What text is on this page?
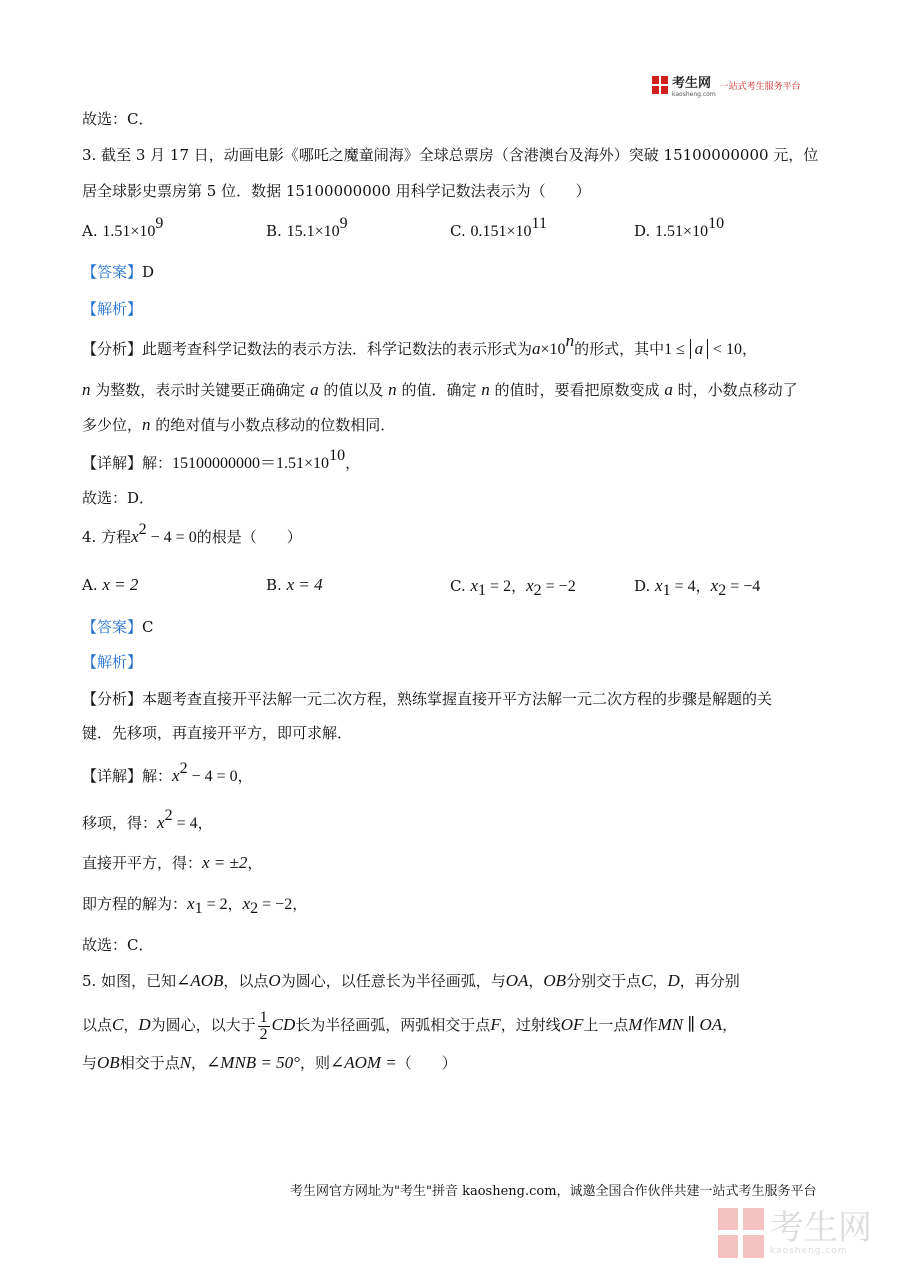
考生网
kaosheng.com
一站式考生服务平台
故选：C．
3. 截至 3 月 17 日，动画电影《哪吒之魔童闹海》全球总票房（含港澳台及海外）突破 15100000000 元，位
居全球影史票房第 5 位．数据 15100000000 用科学记数法表示为（　　）
A. $1.51\times 10^9$	B. $15.1\times 10^9$	C. $0.151\times 10^{11}$	D. $1.51\times 10^{10}$
【答案】D
【解析】
【分析】此题考查科学记数法的表示方法．科学记数法的表示形式为$a\times 10^n$的形式，其中1 ≤ a < 10，
n 为整数，表示时关键要正确确定 a 的值以及 n 的值．确定 n 的值时，要看把原数变成 a 时，小数点移动了
多少位，n 的绝对值与小数点移动的位数相同．
【详解】解：$15100000000=1.51\times 10^{10}$，
故选：D．
4. 方程$x^2 - 4 = 0$的根是（　　）
A. x = 2	B. x = 4	C. $x_1 = 2$，$x_2 = -2$	D. $x_1 = 4$，$x_2 = -4$
【答案】C
【解析】
【分析】本题考查直接开平法解一元二次方程，熟练掌握直接开平方法解一元二次方程的步骤是解题的关
键．先移项，再直接开平方，即可求解．
【详解】解：$x^2 - 4 = 0$，
移项，得：$x^2 = 4$，
直接开平方，得：x = ±2，
即方程的解为：$x_1 = 2$，$x_2 = -2$，
故选：C．
5. 如图，已知∠AOB，以点O为圆心，以任意长为半径画弧，与OA，OB分别交于点C，D，再分别
以点C，D为圆心，以大于 $\frac{1}{2}$ CD长为半径画弧，两弧相交于点F，过射线OF上一点M作MN ∥ OA，
与OB相交于点N，∠MNB = 50°，则∠AOM =（　　）
考生网官方网址为"考生"拼音 kaosheng.com，诚邀全国合作伙伴共建一站式考生服务平台
考生网
kaosheng.com
